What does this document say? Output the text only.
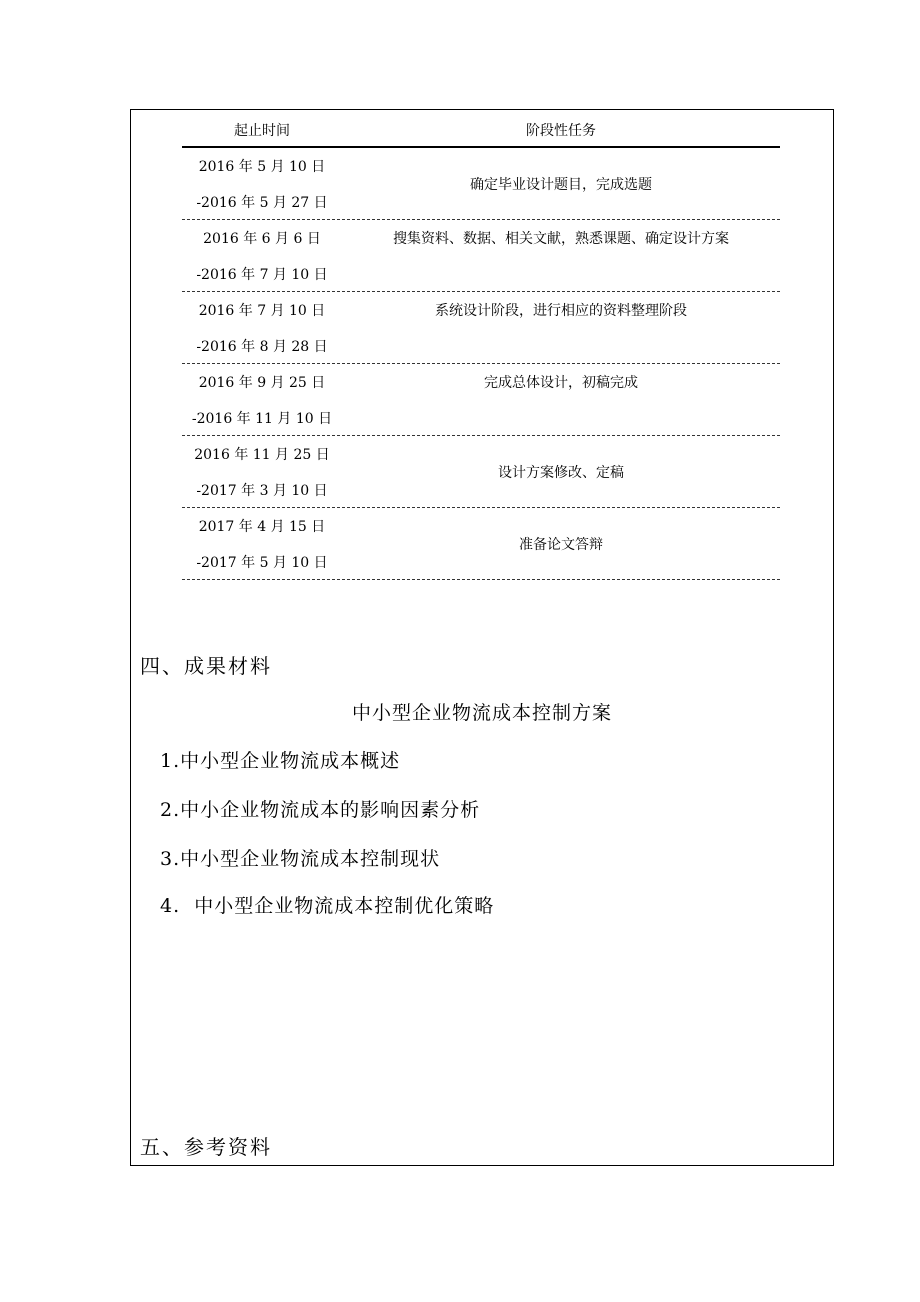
起止时间	阶段性任务
2016 年 5 月 10 日
-2016 年 5 月 27 日
确定毕业设计题目，完成选题
2016 年 6 月 6 日
-2016 年 7 月 10 日
搜集资料、数据、相关文献，熟悉课题、确定设计方案
2016 年 7 月 10 日
-2016 年 8 月 28 日
系统设计阶段，进行相应的资料整理阶段
2016 年 9 月 25 日
-2016 年 11 月 10 日
完成总体设计，初稿完成
2016 年 11 月 25 日
-2017 年 3 月 10 日
设计方案修改、定稿
2017 年 4 月 15 日
-2017 年 5 月 10 日
准备论文答辩
四、成果材料
中小型企业物流成本控制方案
1.中小型企业物流成本概述
2.中小企业物流成本的影响因素分析
3.中小型企业物流成本控制现状
4.  中小型企业物流成本控制优化策略
五、参考资料
